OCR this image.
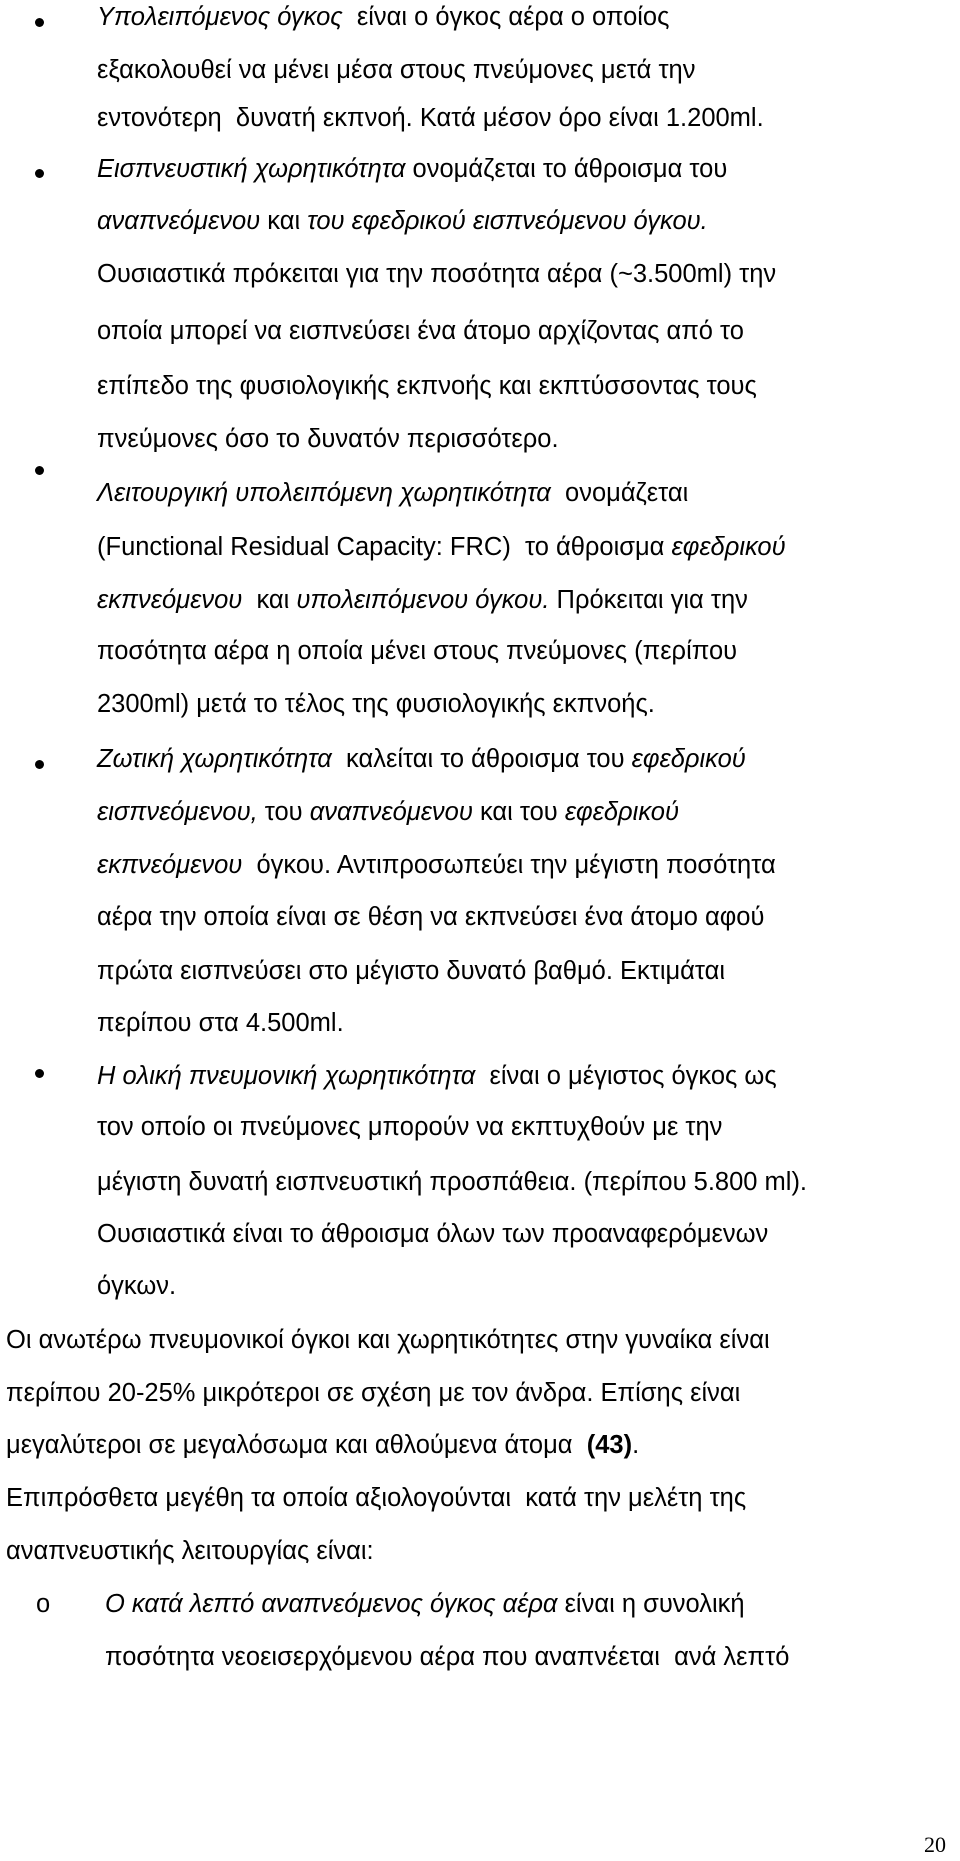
o
Υπολειπόμενος όγκος  είναι ο όγκος αέρα ο οποίος
εξακολουθεί να μένει μέσα στους πνεύμονες μετά την
εντονότερη  δυνατή εκπνοή. Κατά μέσον όρο είναι 1.200ml.
Εισπνευστική χωρητικότητα ονομάζεται το άθροισμα του
αναπνεόμενου και του εφεδρικού εισπνεόμενου όγκου.
Ουσιαστικά πρόκειται για την ποσότητα αέρα (~3.500ml) την
οποία μπορεί να εισπνεύσει ένα άτομο αρχίζοντας από το
επίπεδο της φυσιολογικής εκπνοής και εκπτύσσοντας τους
πνεύμονες όσο το δυνατόν περισσότερο.
Λειτουργική υπολειπόμενη χωρητικότητα  ονομάζεται
(Functional Residual Capacity: FRC)  το άθροισμα εφεδρικού
εκπνεόμενου  και υπολειπόμενου όγκου. Πρόκειται για την
ποσότητα αέρα η οποία μένει στους πνεύμονες (περίπου
2300ml) μετά το τέλος της φυσιολογικής εκπνοής.
Ζωτική χωρητικότητα  καλείται το άθροισμα του εφεδρικού
εισπνεόμενου, του αναπνεόμενου και του εφεδρικού
εκπνεόμενου  όγκου. Αντιπροσωπεύει την μέγιστη ποσότητα
αέρα την οποία είναι σε θέση να εκπνεύσει ένα άτομο αφού
πρώτα εισπνεύσει στο μέγιστο δυνατό βαθμό. Εκτιμάται
περίπου στα 4.500ml.
Η ολική πνευμονική χωρητικότητα  είναι ο μέγιστος όγκος ως
τον οποίο οι πνεύμονες μπορούν να εκπτυχθούν με την
μέγιστη δυνατή εισπνευστική προσπάθεια. (περίπου 5.800 ml).
Ουσιαστικά είναι το άθροισμα όλων των προαναφερόμενων
όγκων.
Οι ανωτέρω πνευμονικοί όγκοι και χωρητικότητες στην γυναίκα είναι
περίπου 20-25% μικρότεροι σε σχέση με τον άνδρα. Επίσης είναι
μεγαλύτεροι σε μεγαλόσωμα και αθλούμενα άτομα  (43).
Επιπρόσθετα μεγέθη τα οποία αξιολογούνται  κατά την μελέτη της
αναπνευστικής λειτουργίας είναι:
Ο κατά λεπτό αναπνεόμενος όγκος αέρα είναι η συνολική
ποσότητα νεοεισερχόμενου αέρα που αναπνέεται  ανά λεπτό
20
